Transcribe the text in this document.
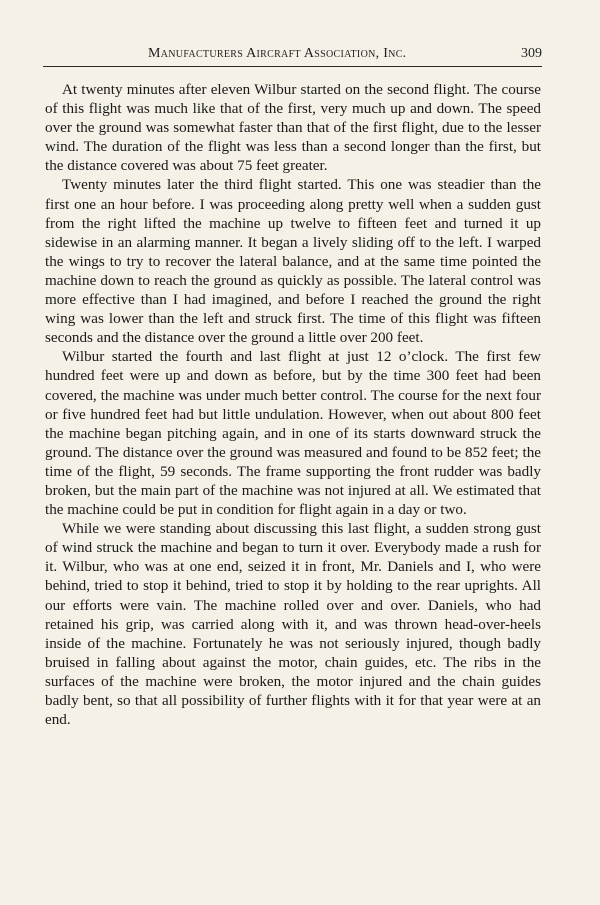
Manufacturers Aircraft Association, Inc.	309

At twenty minutes after eleven Wilbur started on the second flight. The course of this flight was much like that of the first, very much up and down. The speed over the ground was somewhat faster than that of the first flight, due to the lesser wind. The duration of the flight was less than a second longer than the first, but the distance covered was about 75 feet greater.

Twenty minutes later the third flight started. This one was steadier than the first one an hour before. I was proceeding along pretty well when a sudden gust from the right lifted the machine up twelve to fifteen feet and turned it up sidewise in an alarming manner. It began a lively sliding off to the left. I warped the wings to try to recover the lateral balance, and at the same time pointed the machine down to reach the ground as quickly as possible. The lateral control was more effective than I had imagined, and before I reached the ground the right wing was lower than the left and struck first. The time of this flight was fifteen seconds and the distance over the ground a little over 200 feet.

Wilbur started the fourth and last flight at just 12 o’clock. The first few hundred feet were up and down as before, but by the time 300 feet had been covered, the machine was under much better control. The course for the next four or five hundred feet had but little undulation. However, when out about 800 feet the machine began pitching again, and in one of its starts downward struck the ground. The distance over the ground was measured and found to be 852 feet; the time of the flight, 59 seconds. The frame supporting the front rudder was badly broken, but the main part of the machine was not injured at all. We estimated that the machine could be put in condition for flight again in a day or two.

While we were standing about discussing this last flight, a sudden strong gust of wind struck the machine and began to turn it over. Everybody made a rush for it. Wilbur, who was at one end, seized it in front, Mr. Daniels and I, who were behind, tried to stop it behind, tried to stop it by holding to the rear uprights. All our efforts were vain. The machine rolled over and over. Daniels, who had retained his grip, was carried along with it, and was thrown head-over-heels inside of the machine. Fortunately he was not seriously injured, though badly bruised in falling about against the motor, chain guides, etc. The ribs in the surfaces of the machine were broken, the motor injured and the chain guides badly bent, so that all possibility of further flights with it for that year were at an end.
